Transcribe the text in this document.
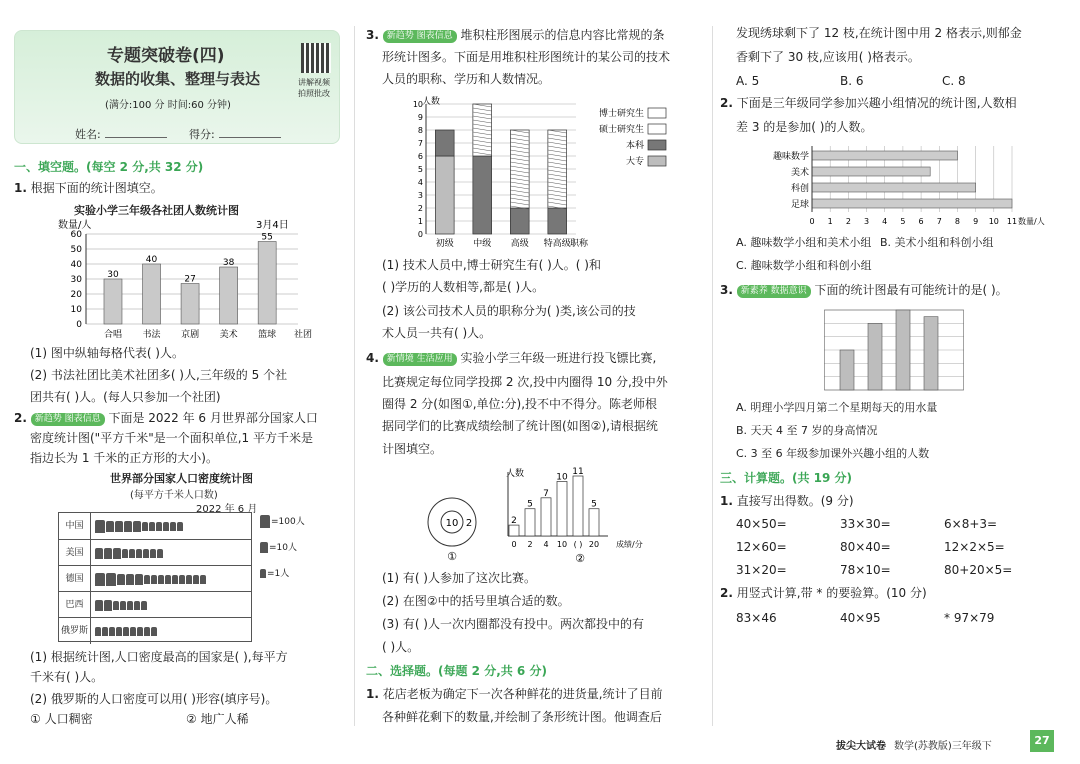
专题突破卷(四)
数据的收集、整理与表达
(满分:100 分 时间:60 分钟)
讲解视频
拍照批改
姓名:	得分:
一、填空题。(每空 2 分,共 32 分)
1. 根据下面的统计图填空。
实验小学三年级各社团人数统计图
数量/人	3月4日
0
10
20
30
40
50
60
30
合唱
40
书法
27
京剧
38
美术
55
篮球 社团
(1) 图中纵轴每格代表( )人。
(2) 书法社团比美术社团多( )人,三年级的 5 个社
团共有( )人。(每人只参加一个社团)
2. 新趋势 图表信息 下面是 2022 年 6 月世界部分国家人口
密度统计图("平方千米"是一个面积单位,1 平方千米是
指边长为 1 千米的正方形的大小)。
世界部分国家人口密度统计图
(每平方千米人口数)
2022 年 6 月
中国
美国
德国
巴西
俄罗斯
=100人
=10人
=1人
(1) 根据统计图,人口密度最高的国家是( ),每平方
千米有( )人。
(2) 俄罗斯的人口密度可以用( )形容(填序号)。
① 人口稠密	② 地广人稀
3. 新趋势 图表信息 堆积柱形图展示的信息内容比常规的条
形统计图多。下面是用堆积柱形图统计的某公司的技术
人员的职称、学历和人数情况。
人数
0
1
2
3
4
5
6
7
8
9
10
初级 中级 高级 特高级 职称
博士研究生
硕士研究生
本科
大专
(1) 技术人员中,博士研究生有( )人。( )和
( )学历的人数相等,都是( )人。
(2) 该公司技术人员的职称分为( )类,该公司的技
术人员一共有( )人。
4. 新情境 生活应用 实验小学三年级一班进行投飞镖比赛,
比赛规定每位同学投掷 2 次,投中内圈得 10 分,投中外
圈得 2 分(如图①,单位:分),投不中不得分。陈老师根
据同学们的比赛成绩绘制了统计图(如图②),请根据统
计图填空。
10 2
①
人数
2
0
5
2
7
4
10
10
11
( )
5
20 成绩/分
②
(1) 有( )人参加了这次比赛。
(2) 在图②中的括号里填合适的数。
(3) 有( )人一次内圈都没有投中。两次都投中的有
( )人。
二、选择题。(每题 2 分,共 6 分)
1. 花店老板为确定下一次各种鲜花的进货量,统计了目前
各种鲜花剩下的数量,并绘制了条形统计图。他调查后
发现绣球剩下了 12 枝,在统计图中用 2 格表示,则郁金
香剩下了 30 枝,应该用( )格表示。
A. 5	B. 6	C. 8
2. 下面是三年级同学参加兴趣小组情况的统计图,人数相
差 3 的是参加( )的人数。
0 1 2 3 4 5 6 7 8 9 10 11
趣味数学
美术
科创
足球
数量/人
A. 趣味数学小组和美术小组 B. 美术小组和科创小组
C. 趣味数学小组和科创小组
3. 新素养 数据意识 下面的统计图最有可能统计的是( )。
A. 明理小学四月第二个星期每天的用水量
B. 天天 4 至 7 岁的身高情况
C. 3 至 6 年级参加课外兴趣小组的人数
三、计算题。(共 19 分)
1. 直接写出得数。(9 分)
40×50=	33×30=	6×8+3=
12×60=	80×40=	12×2×5=
31×20=	78×10=	80+20×5=
2. 用竖式计算,带 * 的要验算。(10 分)
83×46	40×95	* 97×79
拔尖大试卷 数学(苏教版)三年级下	27
